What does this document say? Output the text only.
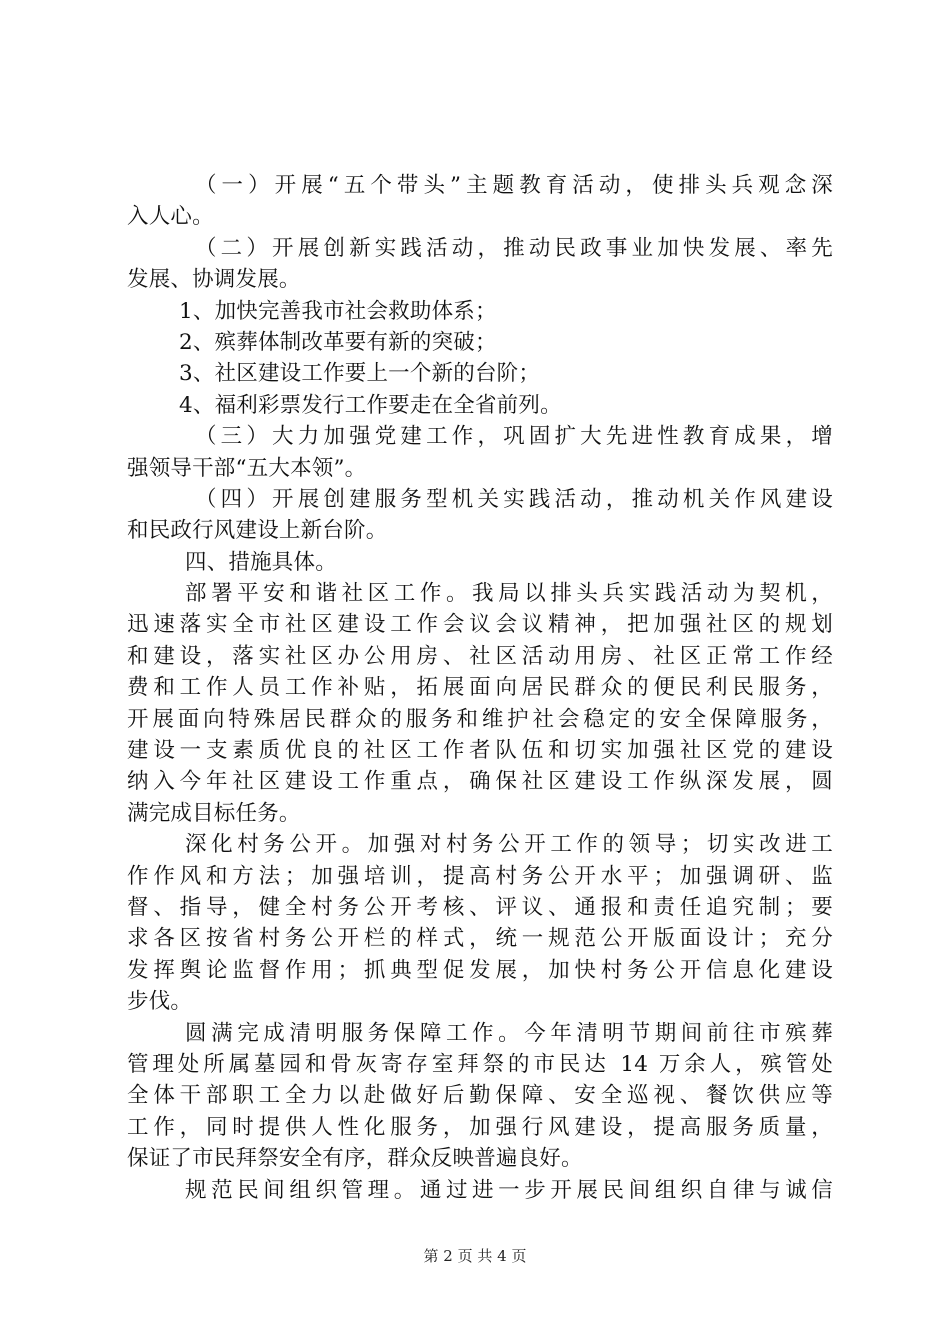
（一）开展“五个带头”主题教育活动，使排头兵观念深
入人心。
（二）开展创新实践活动，推动民政事业加快发展、率先
发展、协调发展。
1、加快完善我市社会救助体系；
2、殡葬体制改革要有新的突破；
3、社区建设工作要上一个新的台阶；
4、福利彩票发行工作要走在全省前列。
（三）大力加强党建工作，巩固扩大先进性教育成果，增
强领导干部“五大本领”。
（四）开展创建服务型机关实践活动，推动机关作风建设
和民政行风建设上新台阶。
四、措施具体。
部署平安和谐社区工作。我局以排头兵实践活动为契机，
迅速落实全市社区建设工作会议会议精神，把加强社区的规划
和建设，落实社区办公用房、社区活动用房、社区正常工作经
费和工作人员工作补贴，拓展面向居民群众的便民利民服务，
开展面向特殊居民群众的服务和维护社会稳定的安全保障服务，
建设一支素质优良的社区工作者队伍和切实加强社区党的建设
纳入今年社区建设工作重点，确保社区建设工作纵深发展，圆
满完成目标任务。
深化村务公开。加强对村务公开工作的领导；切实改进工
作作风和方法；加强培训，提高村务公开水平；加强调研、监
督、指导，健全村务公开考核、评议、通报和责任追究制；要
求各区按省村务公开栏的样式，统一规范公开版面设计；充分
发挥舆论监督作用；抓典型促发展，加快村务公开信息化建设
步伐。
圆满完成清明服务保障工作。今年清明节期间前往市殡葬
管理处所属墓园和骨灰寄存室拜祭的市民达 14 万余人，殡管处
全体干部职工全力以赴做好后勤保障、安全巡视、餐饮供应等
工作，同时提供人性化服务，加强行风建设，提高服务质量，
保证了市民拜祭安全有序，群众反映普遍良好。
规范民间组织管理。通过进一步开展民间组织自律与诚信
第 2 页 共 4 页
